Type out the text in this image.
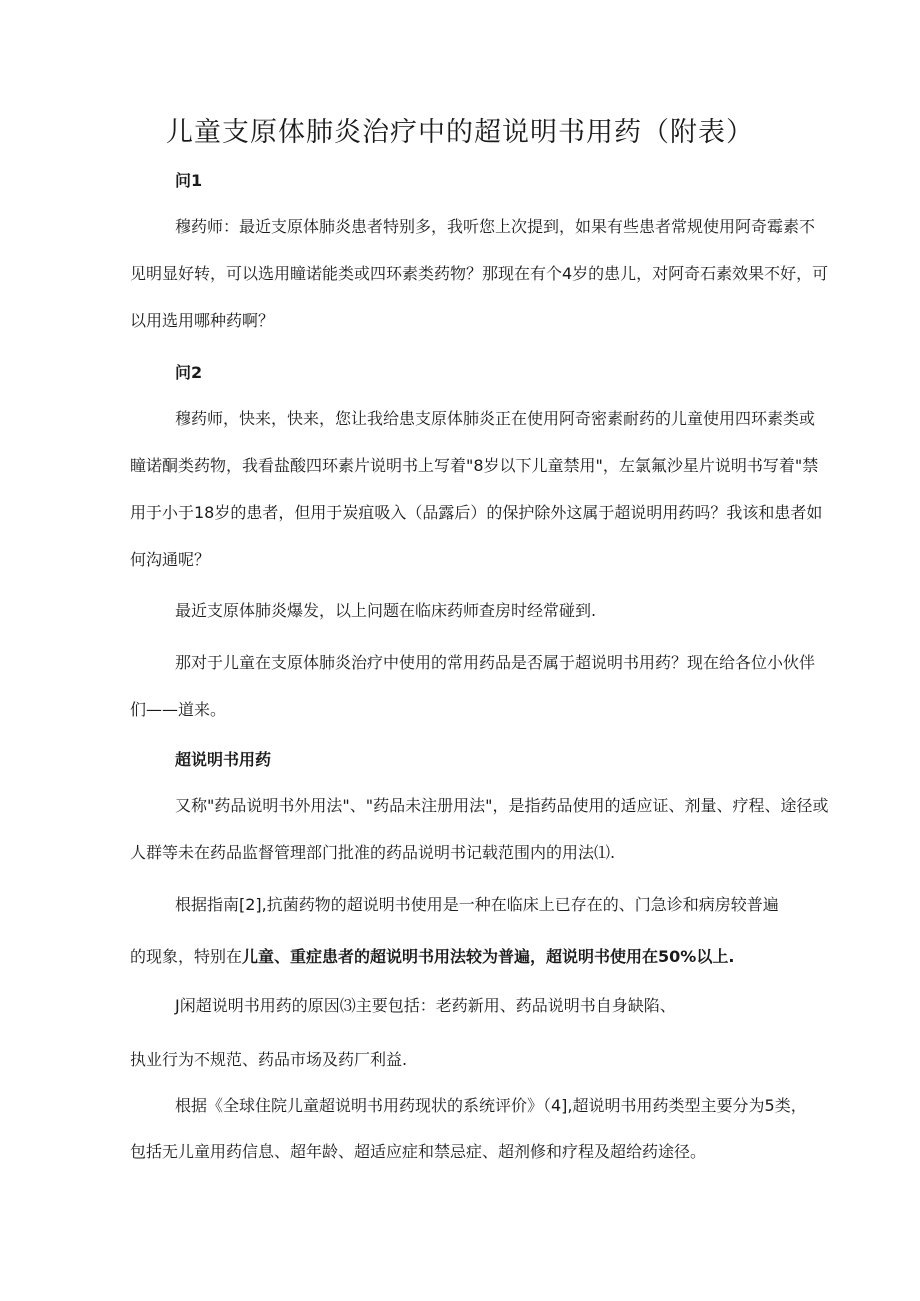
儿童支原体肺炎治疗中的超说明书用药（附表）
问1
穆药师：最近支原体肺炎患者特别多，我听您上次提到，如果有些患者常规使用阿奇霉素不见明显好转，可以选用瞳诺能类或四环素类药物？那现在有个4岁的患儿，对阿奇石素效果不好，可以用选用哪种药啊？
问2
穆药师，快来，快来，您让我给患支原体肺炎正在使用阿奇密素耐药的儿童使用四环素类或瞳诺酮类药物，我看盐酸四环素片说明书上写着"8岁以下儿童禁用"，左氯氟沙星片说明书写着"禁用于小于18岁的患者，但用于炭疽吸入（品露后）的保护除外这属于超说明用药吗？我该和患者如何沟通呢？
最近支原体肺炎爆发，以上问题在临床药师查房时经常碰到.
那对于儿童在支原体肺炎治疗中使用的常用药品是否属于超说明书用药？现在给各位小伙伴们——道来。
超说明书用药
又称"药品说明书外用法"、"药品未注册用法"，是指药品使用的适应证、剂量、疗程、途径或人群等未在药品监督管理部门批准的药品说明书记载范围内的用法⑴.
根据指南[2],抗菌药物的超说明书使用是一种在临床上已存在的、门急诊和病房较普遍
的现象，特别在儿童、重症患者的超说明书用法较为普遍，超说明书使用在50%以上.
J闲超说明书用药的原因⑶主要包括：老药新用、药品说明书自身缺陷、
执业行为不规范、药品市场及药厂利益.
根据《全球住院儿童超说明书用药现状的系统评价》（4],超说明书用药类型主要分为5类，
包括无儿童用药信息、超年龄、超适应症和禁忌症、超剂修和疗程及超给药途径。
